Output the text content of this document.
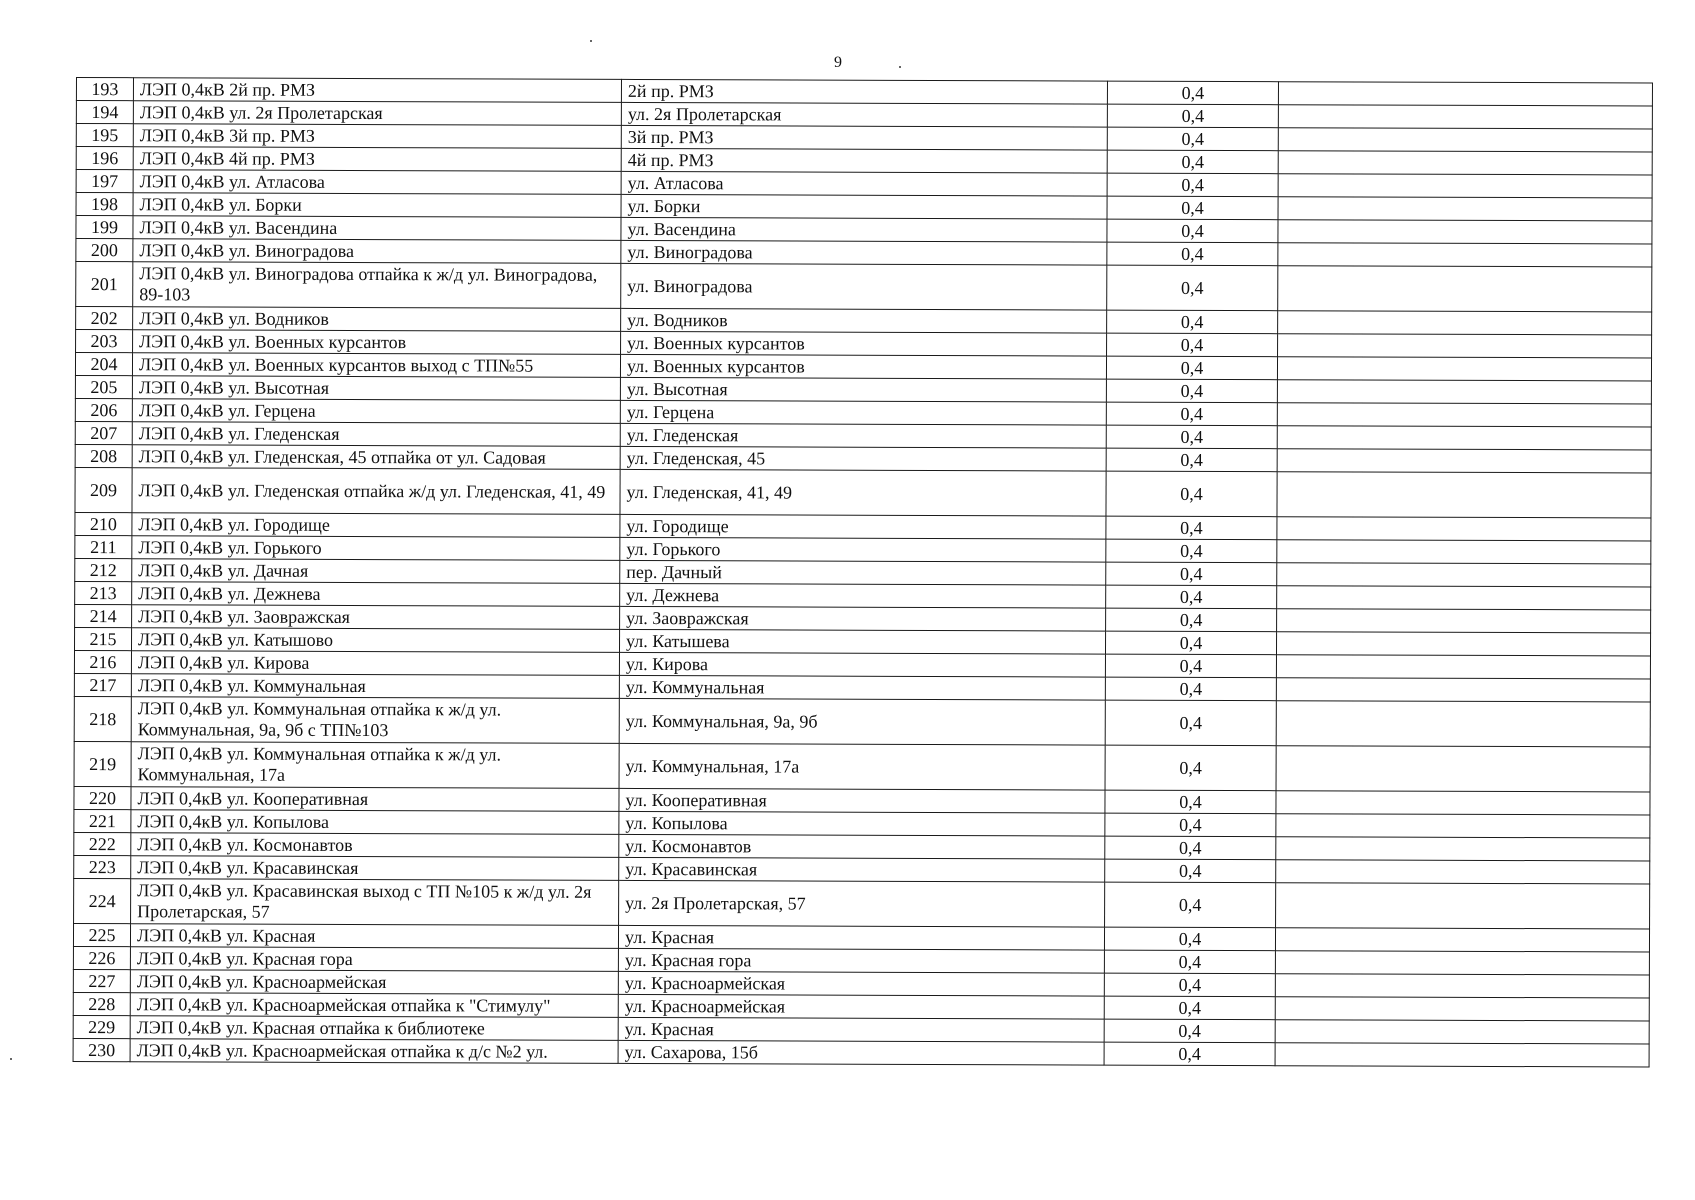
9
193	ЛЭП 0,4кВ 2й пр. РМЗ	2й пр. РМЗ	0,4	
194	ЛЭП 0,4кВ ул. 2я Пролетарская	ул. 2я Пролетарская	0,4	
195	ЛЭП 0,4кВ 3й пр. РМЗ	3й пр. РМЗ	0,4	
196	ЛЭП 0,4кВ 4й пр. РМЗ	4й пр. РМЗ	0,4	
197	ЛЭП 0,4кВ ул. Атласова	ул. Атласова	0,4	
198	ЛЭП 0,4кВ ул. Борки	ул. Борки	0,4	
199	ЛЭП 0,4кВ ул. Васендина	ул. Васендина	0,4	
200	ЛЭП 0,4кВ ул. Виноградова	ул. Виноградова	0,4	
201	ЛЭП 0,4кВ ул. Виноградова отпайка к ж/д ул. Виноградова, 89-103	ул. Виноградова	0,4	
202	ЛЭП 0,4кВ ул. Водников	ул. Водников	0,4	
203	ЛЭП 0,4кВ ул. Военных курсантов	ул. Военных курсантов	0,4	
204	ЛЭП 0,4кВ ул. Военных курсантов выход с ТП№55	ул. Военных курсантов	0,4	
205	ЛЭП 0,4кВ ул. Высотная	ул. Высотная	0,4	
206	ЛЭП 0,4кВ ул. Герцена	ул. Герцена	0,4	
207	ЛЭП 0,4кВ ул. Гледенская	ул. Гледенская	0,4	
208	ЛЭП 0,4кВ ул. Гледенская, 45 отпайка от ул. Садовая	ул. Гледенская, 45	0,4	
209	ЛЭП 0,4кВ ул. Гледенская отпайка ж/д ул. Гледенская, 41, 49	ул. Гледенская, 41, 49	0,4	
210	ЛЭП 0,4кВ ул. Городище	ул. Городище	0,4	
211	ЛЭП 0,4кВ ул. Горького	ул. Горького	0,4	
212	ЛЭП 0,4кВ ул. Дачная	пер. Дачный	0,4	
213	ЛЭП 0,4кВ ул. Дежнева	ул. Дежнева	0,4	
214	ЛЭП 0,4кВ ул. Заовражская	ул. Заовражская	0,4	
215	ЛЭП 0,4кВ ул. Катышово	ул. Катышева	0,4	
216	ЛЭП 0,4кВ ул. Кирова	ул. Кирова	0,4	
217	ЛЭП 0,4кВ ул. Коммунальная	ул. Коммунальная	0,4	
218	ЛЭП 0,4кВ ул. Коммунальная отпайка к ж/д ул. Коммунальная, 9а, 9б с ТП№103	ул. Коммунальная, 9а, 9б	0,4	
219	ЛЭП 0,4кВ ул. Коммунальная отпайка к ж/д ул. Коммунальная, 17а	ул. Коммунальная, 17а	0,4	
220	ЛЭП 0,4кВ ул. Кооперативная	ул. Кооперативная	0,4	
221	ЛЭП 0,4кВ ул. Копылова	ул. Копылова	0,4	
222	ЛЭП 0,4кВ ул. Космонавтов	ул. Космонавтов	0,4	
223	ЛЭП 0,4кВ ул. Красавинская	ул. Красавинская	0,4	
224	ЛЭП 0,4кВ ул. Красавинская выход с ТП №105 к ж/д ул. 2я Пролетарская, 57	ул. 2я Пролетарская, 57	0,4	
225	ЛЭП 0,4кВ ул. Красная	ул. Красная	0,4	
226	ЛЭП 0,4кВ ул. Красная гора	ул. Красная гора	0,4	
227	ЛЭП 0,4кВ ул. Красноармейская	ул. Красноармейская	0,4	
228	ЛЭП 0,4кВ ул. Красноармейская отпайка к "Стимулу"	ул. Красноармейская	0,4	
229	ЛЭП 0,4кВ ул. Красная отпайка к библиотеке	ул. Красная	0,4	
230	ЛЭП 0,4кВ ул. Красноармейская отпайка к д/с №2 ул.	ул. Сахарова, 15б	0,4	
